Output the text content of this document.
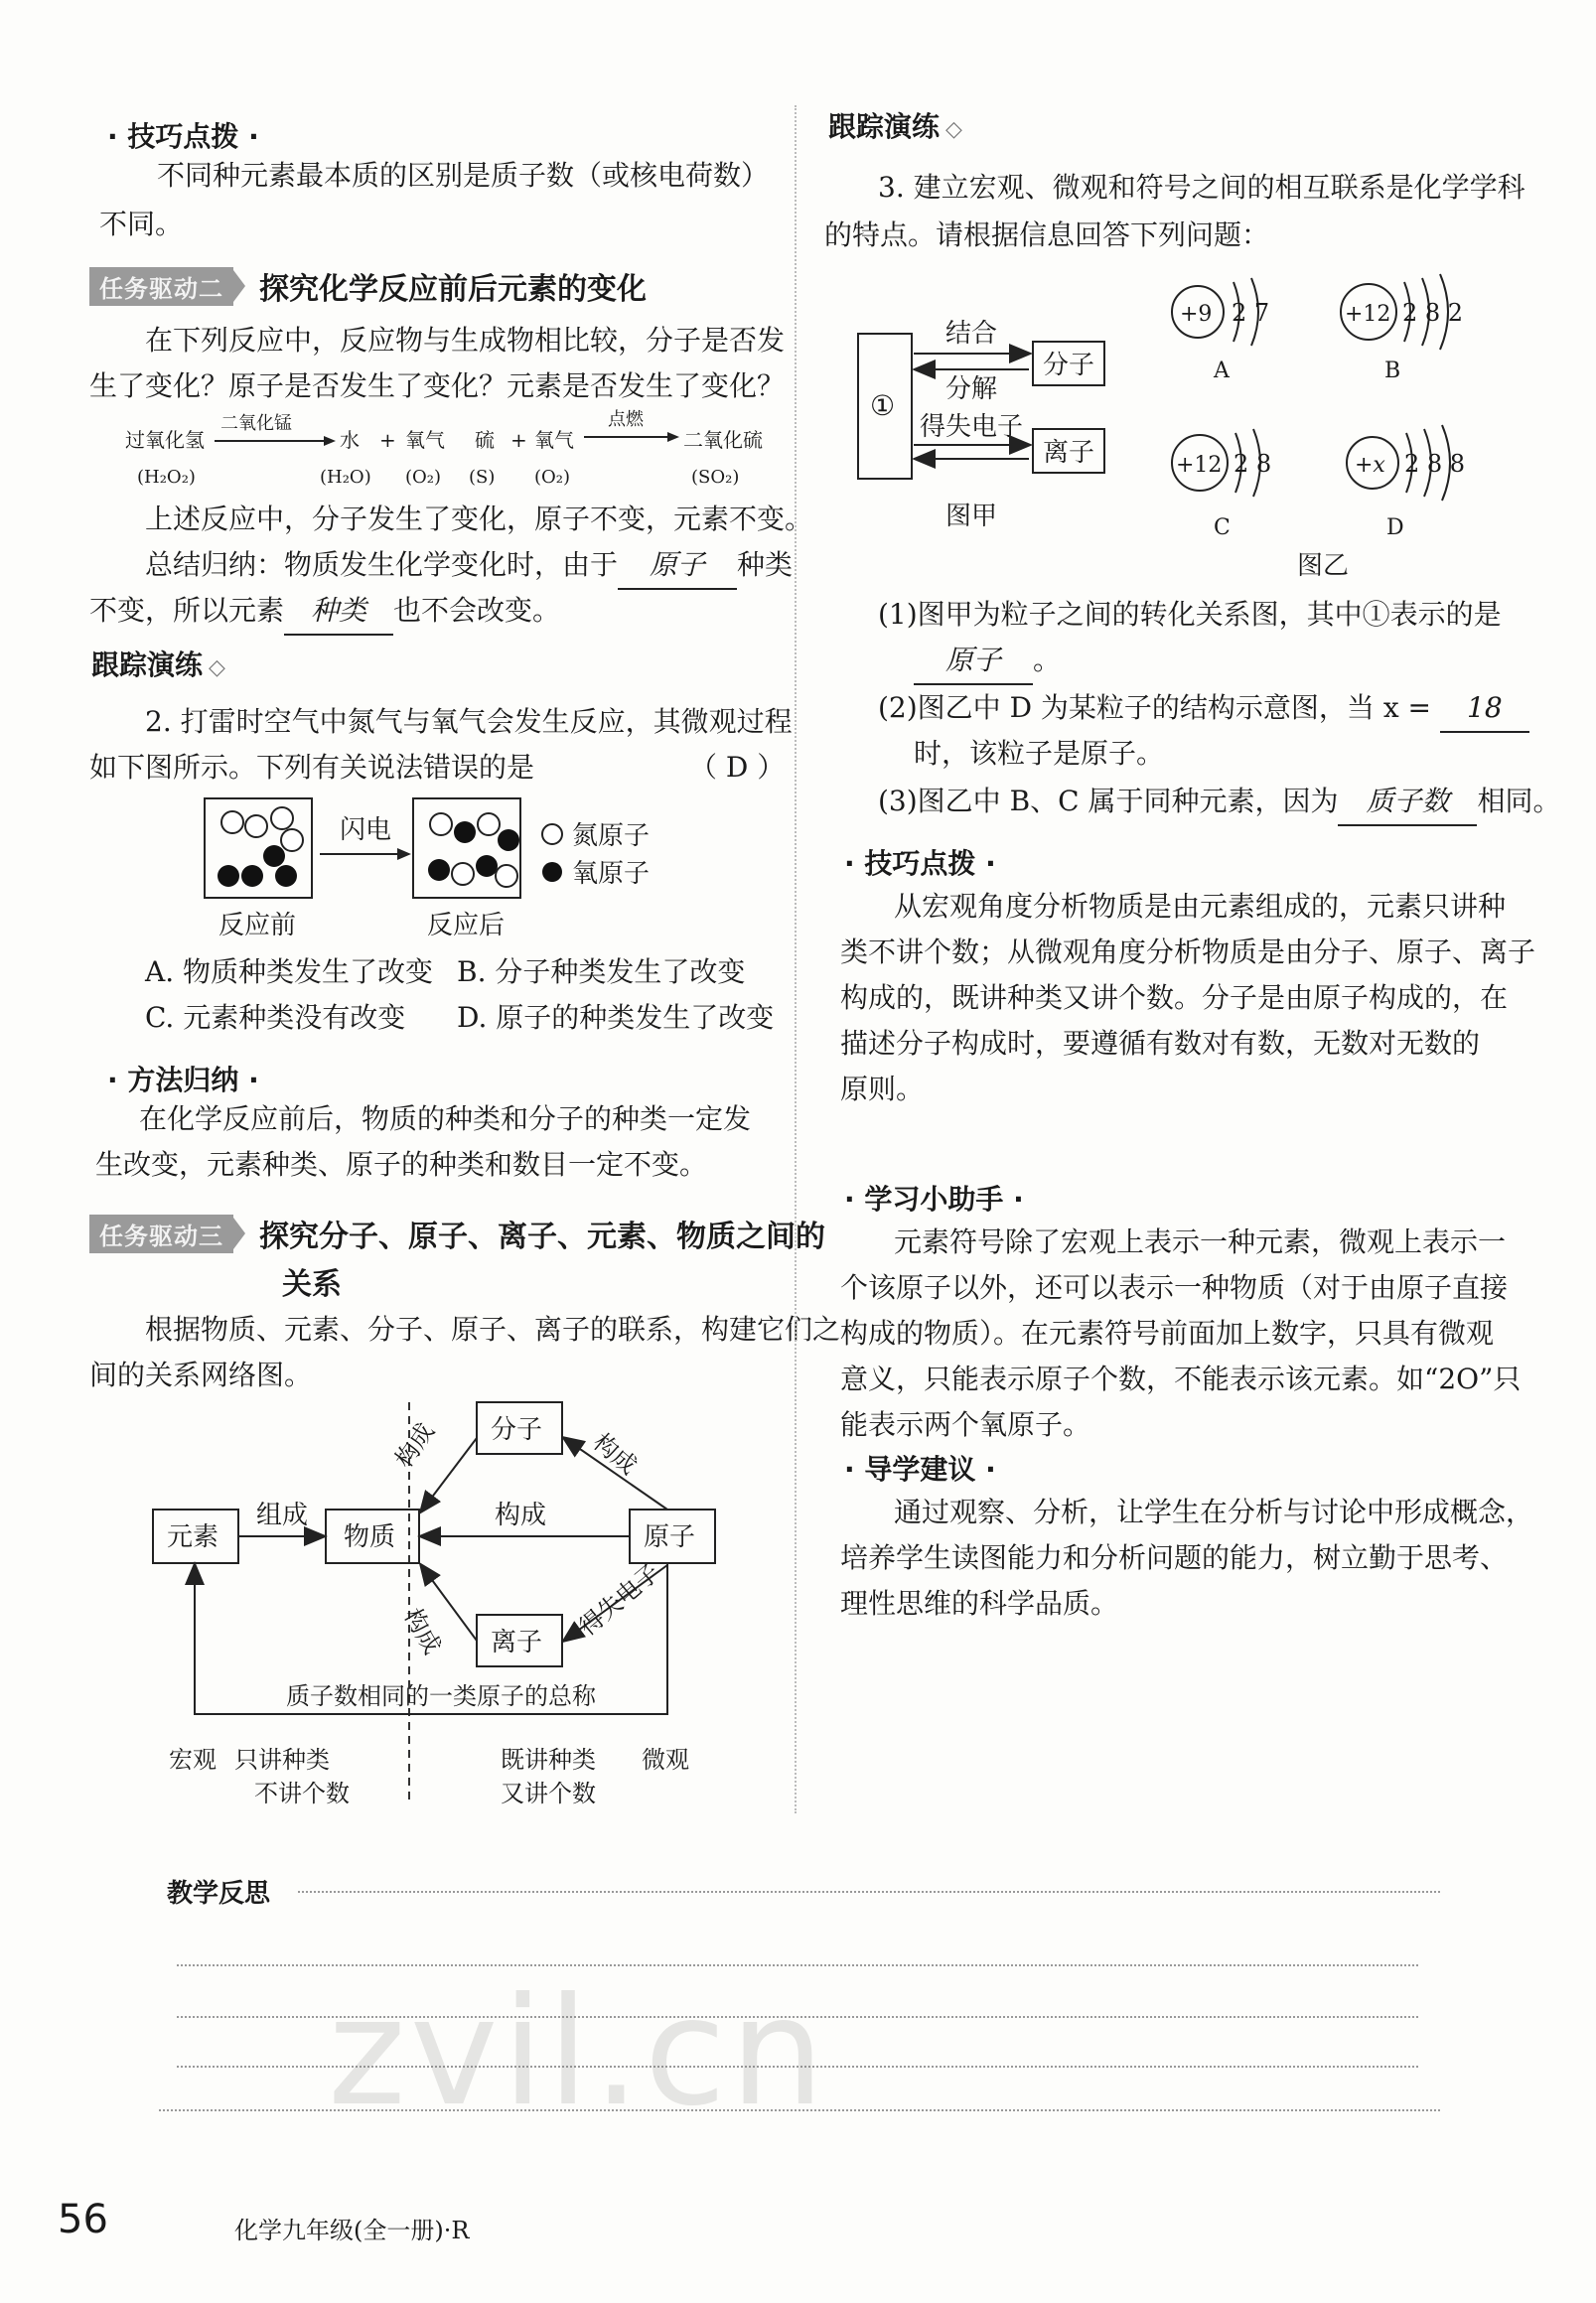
· 技巧点拨 ·

不同种元素最本质的区别是质子数（或核电荷数）

不同。

任务驱动二	探究化学反应前后元素的变化

在下列反应中，反应物与生成物相比较，分子是否发

生了变化？原子是否发生了变化？元素是否发生了变化？

过氧化氢
(H₂O₂)
二氧化锰
水
(H₂O)
+ 氧气
(O₂)
硫
(S)
+ 氧气
(O₂)
点燃
二氧化硫
(SO₂)

上述反应中，分子发生了变化，原子不变，元素不变。

总结归纳：物质发生化学变化时，由于 原子 种类

不变，所以元素 种类 也不会改变。

跟踪演练 ◇

2. 打雷时空气中氮气与氧气会发生反应，其微观过程

如下图所示。下列有关说法错误的是	（ D ）

闪电	氮原子
氧原子
反应前	反应后

A. 物质种类发生了改变 B. 分子种类发生了改变

C. 元素种类没有改变 D. 原子的种类发生了改变

· 方法归纳 ·

在化学反应前后，物质的种类和分子的种类一定发

生改变，元素种类、原子的种类和数目一定不变。

任务驱动三	探究分子、原子、离子、元素、物质之间的
关系

根据物质、元素、分子、原子、离子的联系，构建它们之

间的关系网络图。

元素	物质
分子
原子
离子
组成	构成
构成	构成
构成	得失电子
质子数相同的一类原子的总称
宏观 只讲种类
不讲个数
既讲种类
又讲个数
微观
跟踪演练 ◇

3. 建立宏观、微观和符号之间的相互联系是化学学科

的特点。请根据信息回答下列问题：

①
结合
分解
分子
得失电子
离子
图甲
+9 2 7
A
+12 2 8 2
B
+12 2 8
C
+x 2 8 8
D
图乙

(1)图甲为粒子之间的转化关系图，其中①表示的是

原子 。

(2)图乙中 D 为某粒子的结构示意图，当 x = 18

时，该粒子是原子。

(3)图乙中 B、C 属于同种元素，因为 质子数 相同。

· 技巧点拨 ·

从宏观角度分析物质是由元素组成的，元素只讲种

类不讲个数；从微观角度分析物质是由分子、原子、离子

构成的，既讲种类又讲个数。分子是由原子构成的，在

描述分子构成时，要遵循有数对有数，无数对无数的

原则。

· 学习小助手 ·

元素符号除了宏观上表示一种元素，微观上表示一

个该原子以外，还可以表示一种物质（对于由原子直接

构成的物质）。在元素符号前面加上数字，只具有微观

意义，只能表示原子个数，不能表示该元素。如“2O”只

能表示两个氧原子。

· 导学建议 ·

通过观察、分析，让学生在分析与讨论中形成概念，

培养学生读图能力和分析问题的能力，树立勤于思考、

理性思维的科学品质。

教学反思
zvil.cn
56	化学九年级(全一册)·R
